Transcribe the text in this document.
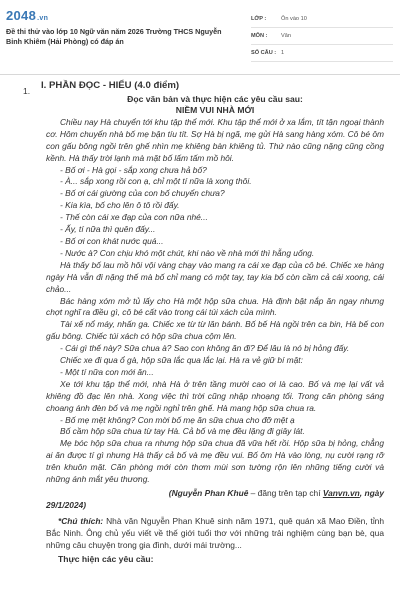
2048.vn
Đề thi thử vào lớp 10 Ngữ văn năm 2026 Trường THCS Nguyễn Bỉnh Khiêm (Hải Phòng) có đáp án
LỚP :	Ôn vào 10
MÔN :	Văn
SỐ CÂU : 1
1. I. PHẦN ĐỌC - HIỂU (4.0 điểm)
Đọc văn bản và thực hiện các yêu cầu sau:
NIỀM VUI NHÀ MỚI

Chiều nay Hà chuyển tới khu tập thể mới. Khu tập thể mới ở xa lắm, tít tận ngoại thành cơ. Hôm chuyển nhà bố mẹ bận tíu tít. Sợ Hà bị ngã, mẹ gửi Hà sang hàng xóm. Cô bé ôm con gấu bông ngồi trên ghế nhìn mẹ khiêng bàn khiêng tủ. Thứ nào cũng nặng cũng cồng kềnh. Hà thấy trời lạnh mà mặt bố lấm tấm mồ hôi.

- Bố ơi - Hà gọi - sắp xong chưa hả bố?

- À... sắp xong rồi con ạ, chỉ một tí nữa là xong thôi.

- Bố ơi cái giường của con bố chuyển chưa?

- Kia kìa, bố cho lên ô tô rồi đấy.

- Thế còn cái xe đạp của con nữa nhé...

- Ấy, tí nữa thì quên đấy...

- Bố ơi con khát nước quá...

- Nước à? Con chịu khó một chút, khi nào về nhà mới thì hẵng uống.

Hà thấy bố lau mồ hôi vội vàng chạy vào mang ra cái xe đạp của cô bé. Chiếc xe hàng ngày Hà vẫn đi nặng thế mà bố chỉ mang có một tay, tay kia bố còn cầm cả cái xoong, cái chảo...

Bác hàng xóm mở tủ lấy cho Hà một hộp sữa chua. Hà định bật nắp ăn ngay nhưng chợt nghĩ ra điều gì, cô bé cất vào trong cái túi xách của mình.

Tài xế nổ máy, nhấn ga. Chiếc xe từ từ lăn bánh. Bố bế Hà ngồi trên ca bin, Hà bế con gấu bông. Chiếc túi xách có hộp sữa chua cộm lên.

- Cái gì thế này? Sữa chua à? Sao con không ăn đi? Để lâu là nó bị hỏng đấy.

Chiếc xe đi qua ổ gà, hộp sữa lắc qua lắc lại. Hà ra vẻ giữ bí mật:

- Một tí nữa con mới ăn...

Xe tới khu tập thể mới, nhà Hà ở trên tầng mười cao ơi là cao. Bố và mẹ lại vất vả khiêng đồ đạc lên nhà. Xong việc thì trời cũng nhập nhoạng tối. Trong căn phòng sáng choang ánh đèn bố và mẹ ngồi nghỉ trên ghế. Hà mang hộp sữa chua ra.

- Bố mẹ mệt không? Con mời bố mẹ ăn sữa chua cho đỡ mệt ạ

Bố cầm hộp sữa chua từ tay Hà. Cả bố và mẹ đều lặng đi giây lát.

Mẹ bóc hộp sữa chua ra nhưng hộp sữa chua đã vữa hết rồi. Hộp sữa bị hỏng, chẳng ai ăn được tí gì nhưng Hà thấy cả bố và mẹ đều vui. Bố ôm Hà vào lòng, nụ cười rạng rỡ trên khuôn mặt. Căn phòng mới còn thơm mùi sơn tường rộn lên những tiếng cười và những ánh mắt yêu thương.

(Nguyễn Phan Khuê – đăng trên tạp chí Vanvn.vn, ngày

29/1/2024)

*Chú thích: Nhà văn Nguyễn Phan Khuê sinh năm 1971, quê quán xã Mao Điền, tỉnh Bắc Ninh. Ông chủ yếu viết về thế giới tuổi thơ với những trải nghiệm cùng bạn bè, qua những câu chuyện trong gia đình, dưới mái trường...

Thực hiện các yêu cầu:
